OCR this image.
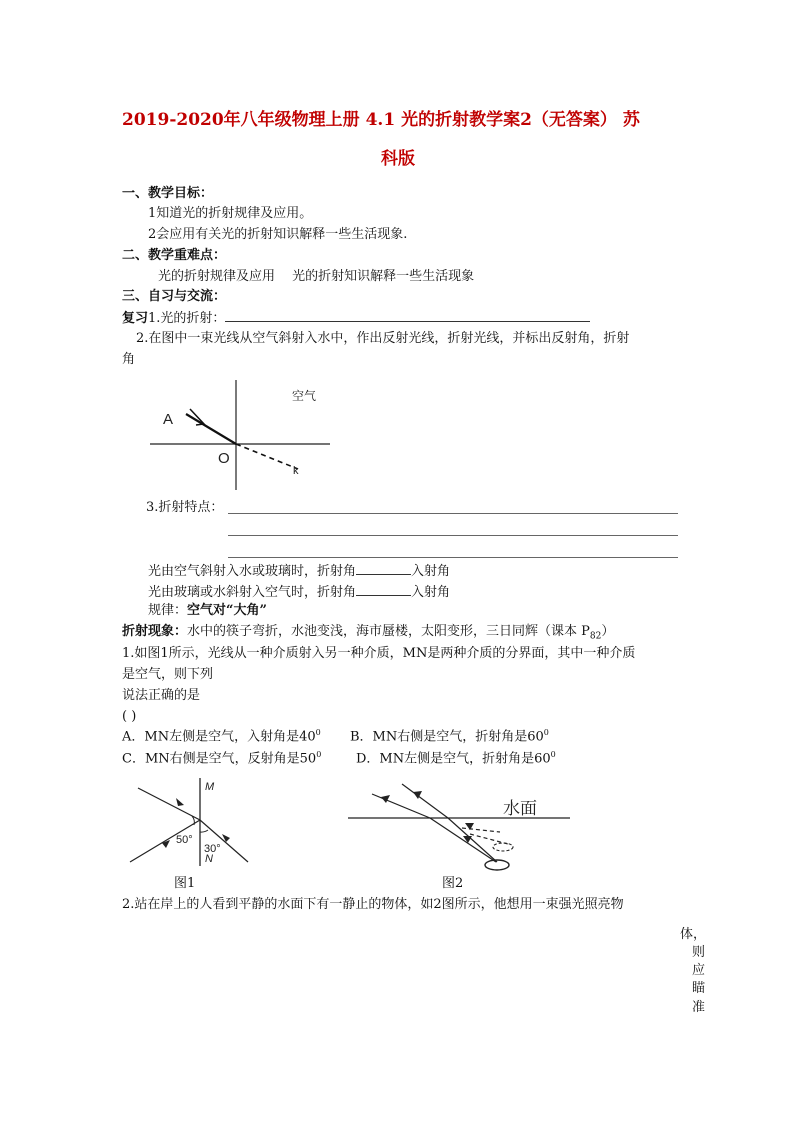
2019-2020年八年级物理上册 4.1 光的折射教学案2（无答案） 苏
科版
一、教学目标：
1知道光的折射规律及应用。
2会应用有关光的折射知识解释一些生活现象.
二、教学重难点：
光的折射规律及应用　 光的折射知识解释一些生活现象
三、自习与交流：
复习1.光的折射：
2.在图中一束光线从空气斜射入水中，作出反射光线，折射光线，并标出反射角，折射
角
空气
A
O
k
3.折射特点：
光由空气斜射入水或玻璃时，折射角	入射角
光由玻璃或水斜射入空气时，折射角	入射角
规律：空气对“大角”
折射现象：水中的筷子弯折，水池变浅，海市蜃楼，太阳变形，三日同辉（课本 $P_{82}$）
1.如图1所示，光线从一种介质射入另一种介质，MN是两种介质的分界面，其中一种介质
是空气，则下列
说法正确的是
( )
A．MN左侧是空气，入射角是$40^0$ B．MN右侧是空气，折射角是$60^0$
C．MN右侧是空气，反射角是$50^0$	D．MN左侧是空气，折射角是$60^0$
M
N
50°
30°
图1
水面
图2
2.站在岸上的人看到平静的水面下有一静止的物体，如2图所示，他想用一束强光照亮物
体，
则
应
瞄
准
